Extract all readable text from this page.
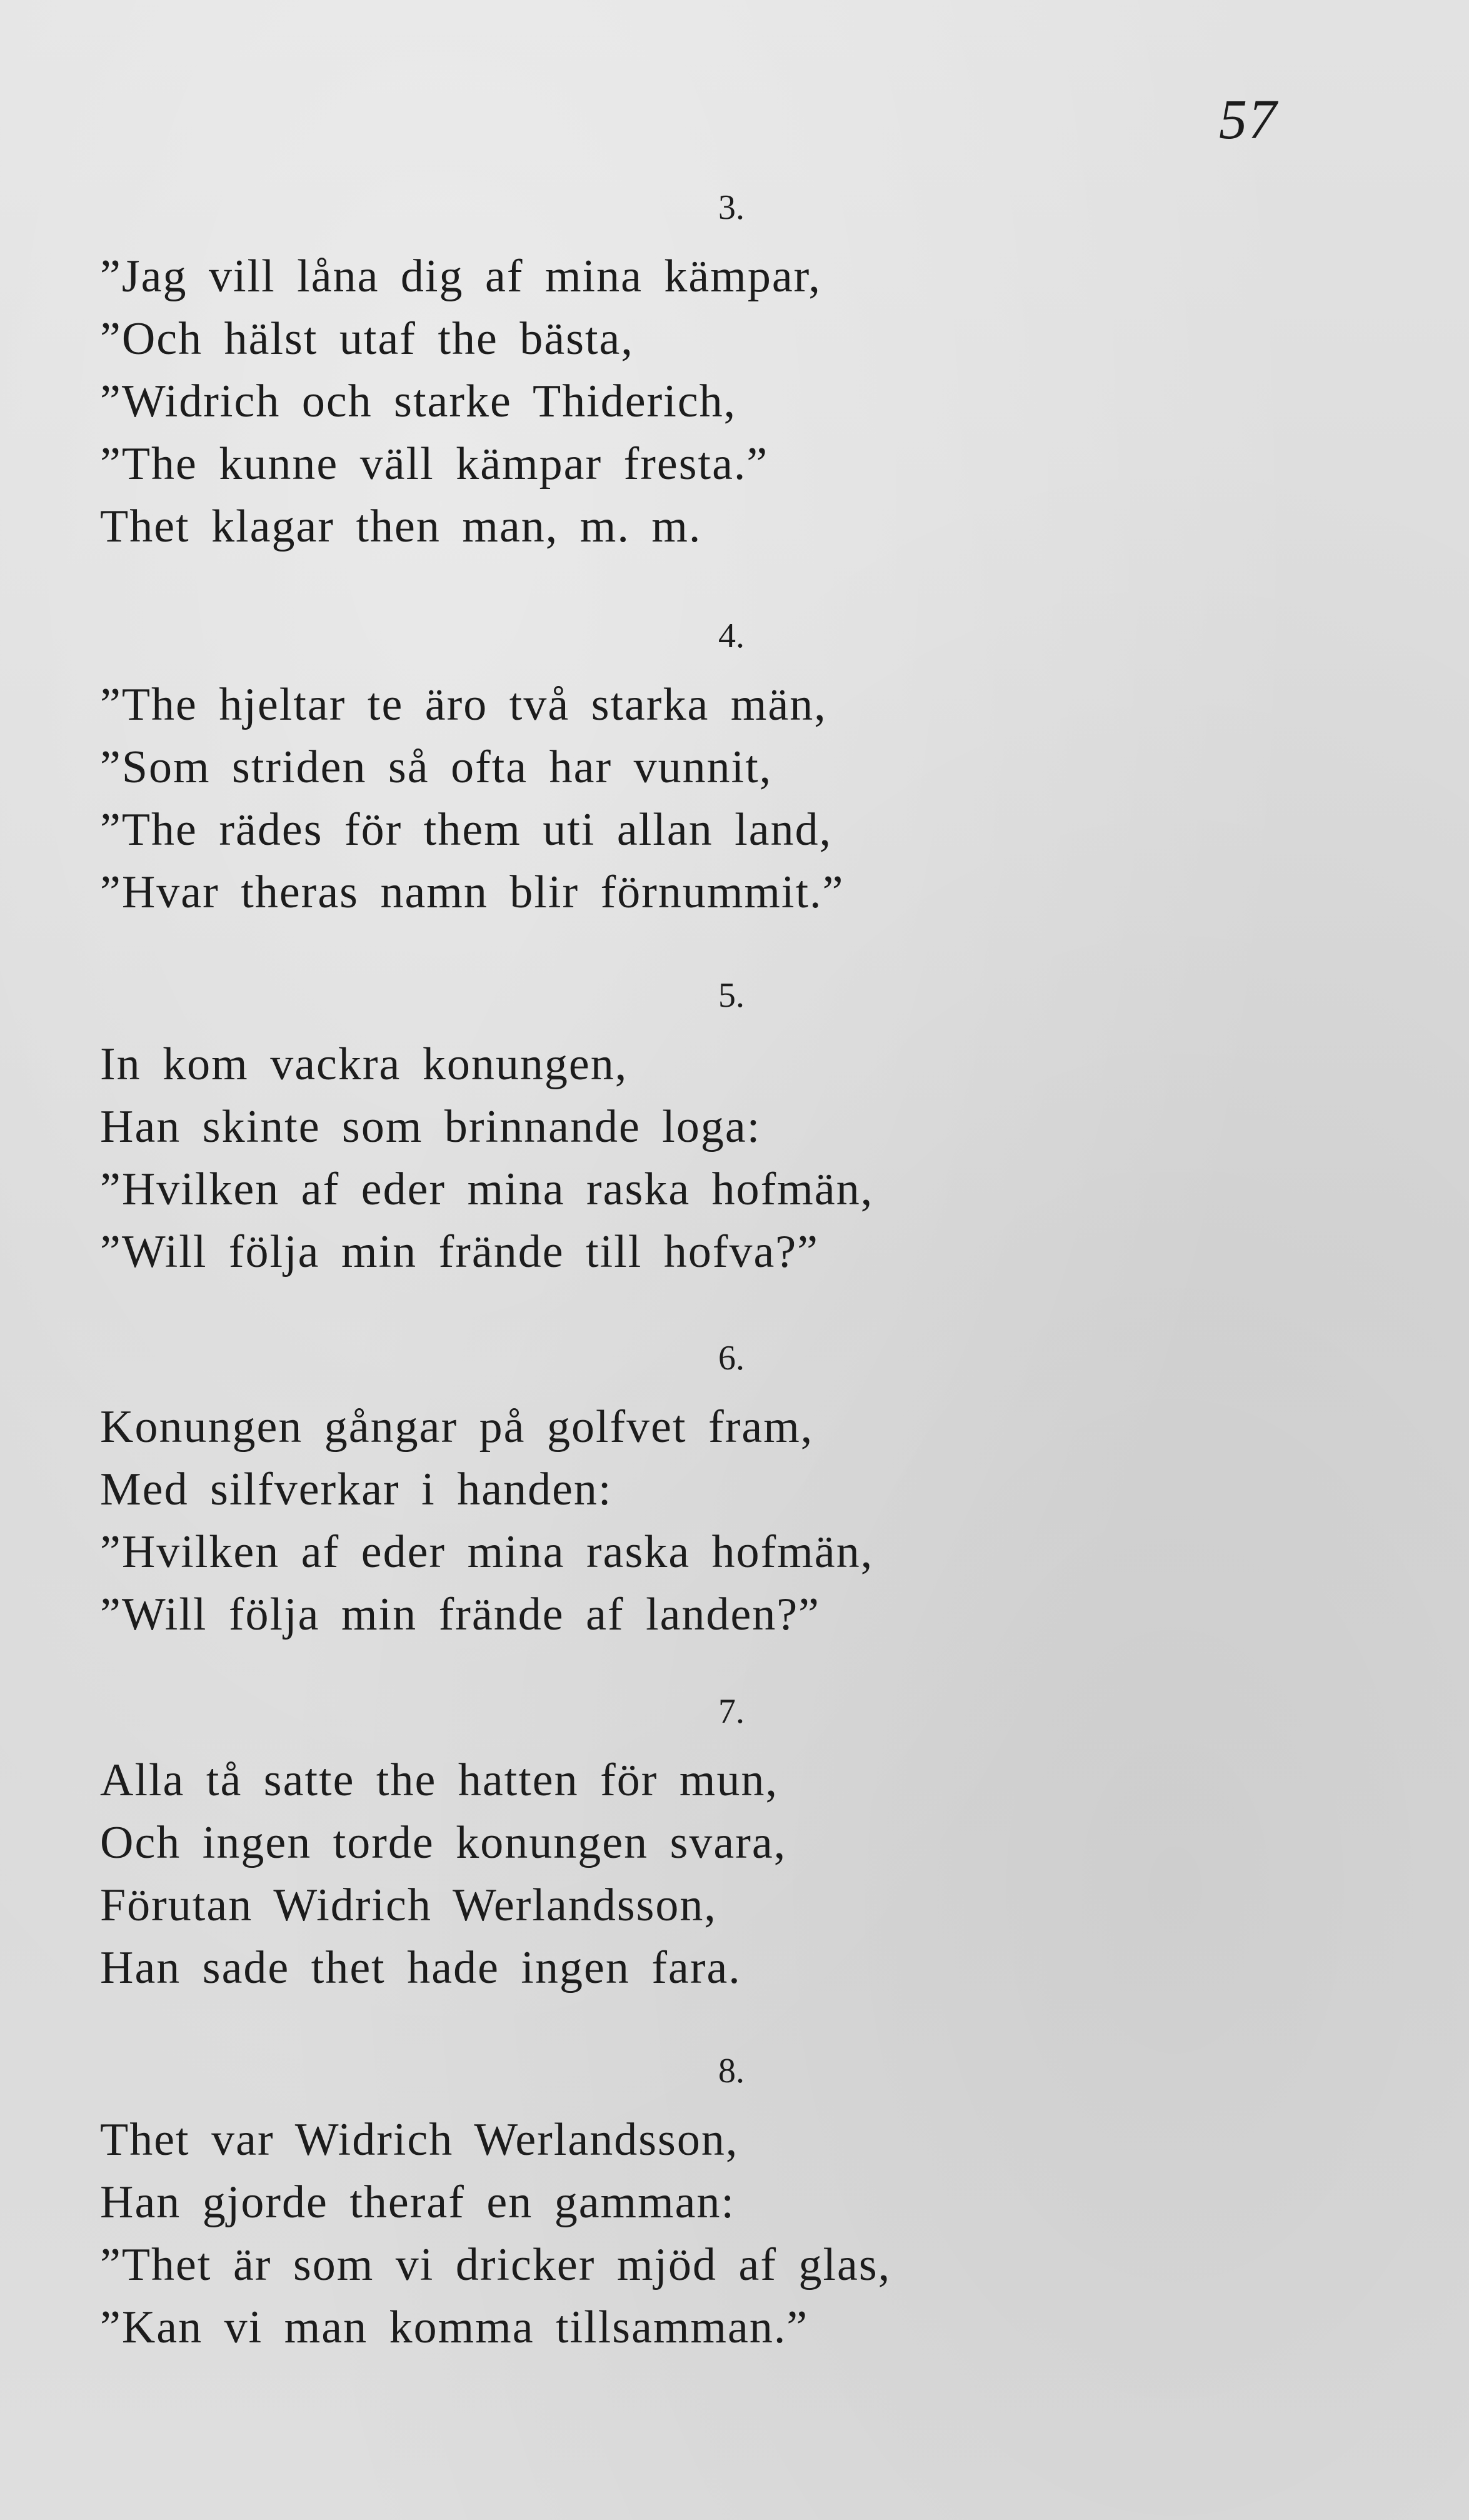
57
3.
”Jag vill låna dig af mina kämpar,
”Och hälst utaf the bästa,
”Widrich och starke Thiderich,
”The kunne väll kämpar fresta.”
Thet klagar then man, m. m.
4.
”The hjeltar te äro två starka män,
”Som striden så ofta har vunnit,
”The rädes för them uti allan land,
”Hvar theras namn blir förnummit.”
5.
In kom vackra konungen,
Han skinte som brinnande loga:
”Hvilken af eder mina raska hofmän,
”Will följa min frände till hofva?”
6.
Konungen gångar på golfvet fram,
Med silfverkar i handen:
”Hvilken af eder mina raska hofmän,
”Will följa min frände af landen?”
7.
Alla tå satte the hatten för mun,
Och ingen torde konungen svara,
Förutan Widrich Werlandsson,
Han sade thet hade ingen fara.
8.
Thet var Widrich Werlandsson,
Han gjorde theraf en gamman:
”Thet är som vi dricker mjöd af glas,
”Kan vi man komma tillsamman.”
